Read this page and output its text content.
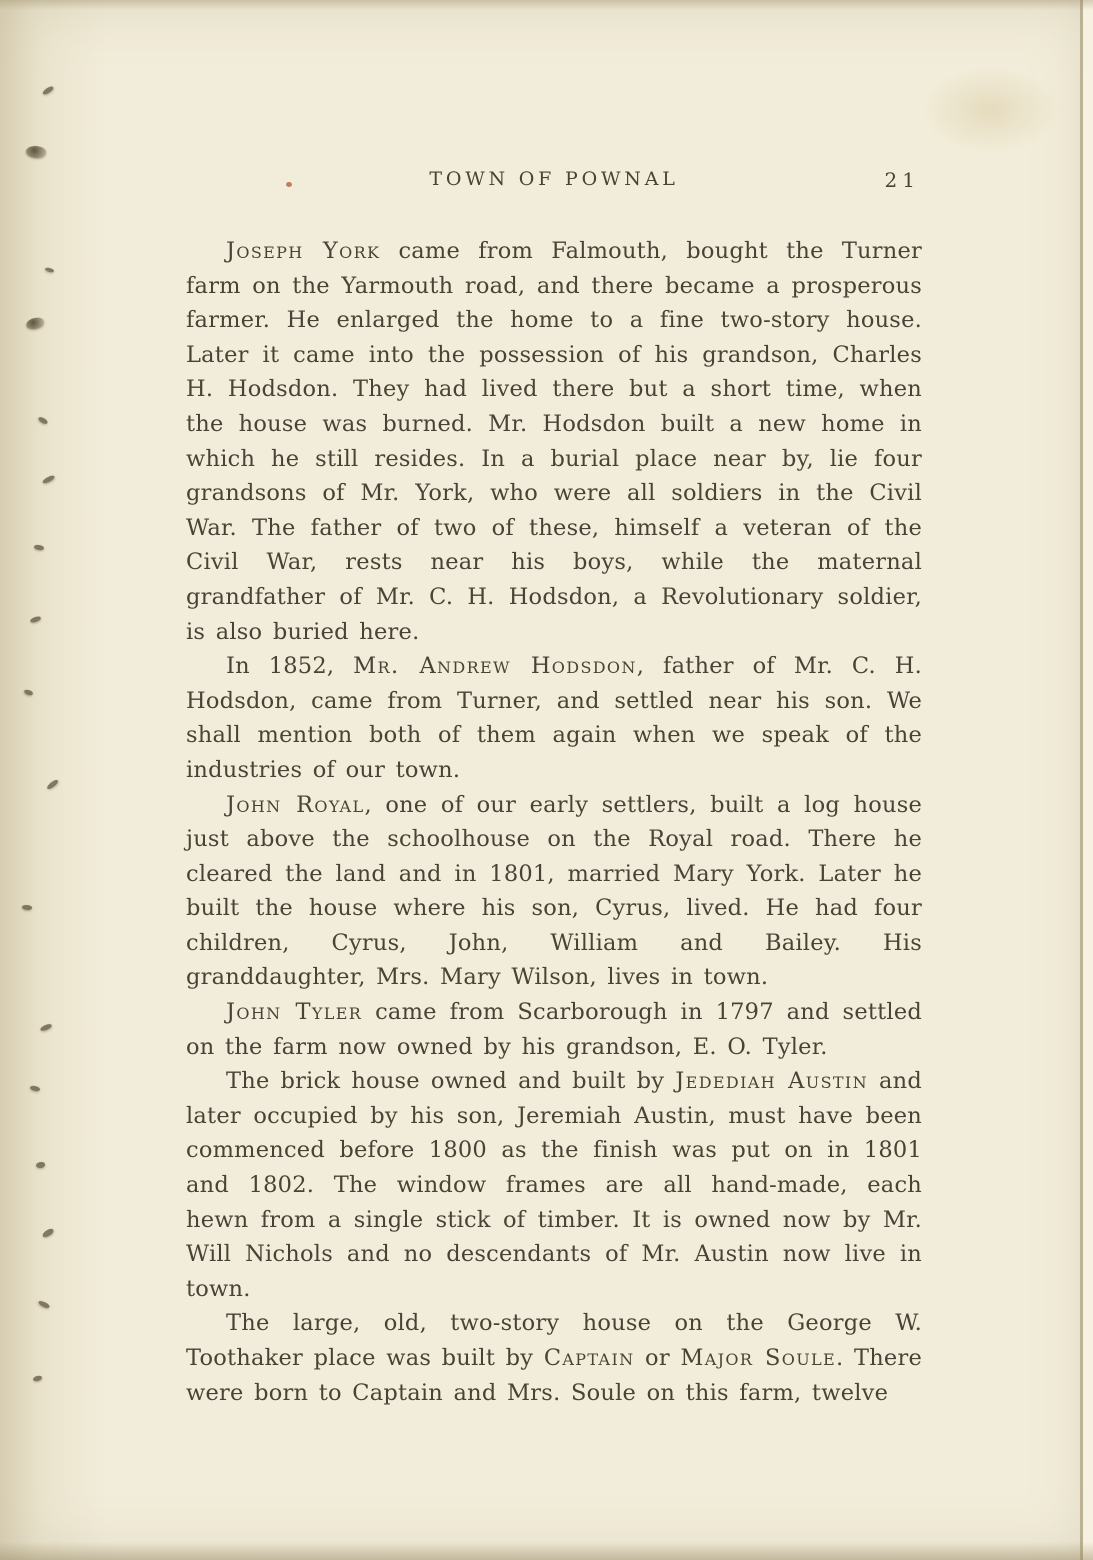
TOWN OF POWNAL	21

Joseph York came from Falmouth, bought the Turner farm on the Yarmouth road, and there became a prosperous farmer. He enlarged the home to a fine two-story house. Later it came into the possession of his grandson, Charles H. Hodsdon. They had lived there but a short time, when the house was burned. Mr. Hodsdon built a new home in which he still resides. In a burial place near by, lie four grandsons of Mr. York, who were all soldiers in the Civil War. The father of two of these, himself a veteran of the Civil War, rests near his boys, while the maternal grandfather of Mr. C. H. Hodsdon, a Revolutionary soldier, is also buried here.

In 1852, Mr. Andrew Hodsdon, father of Mr. C. H. Hodsdon, came from Turner, and settled near his son. We shall mention both of them again when we speak of the industries of our town.

John Royal, one of our early settlers, built a log house just above the schoolhouse on the Royal road. There he cleared the land and in 1801, married Mary York. Later he built the house where his son, Cyrus, lived. He had four children, Cyrus, John, William and Bailey. His granddaughter, Mrs. Mary Wilson, lives in town.

John Tyler came from Scarborough in 1797 and settled on the farm now owned by his grandson, E. O. Tyler.

The brick house owned and built by Jedediah Austin and later occupied by his son, Jeremiah Austin, must have been commenced before 1800 as the finish was put on in 1801 and 1802. The window frames are all hand-made, each hewn from a single stick of timber. It is owned now by Mr. Will Nichols and no descendants of Mr. Austin now live in town.

The large, old, two-story house on the George W. Toothaker place was built by Captain or Major Soule. There were born to Captain and Mrs. Soule on this farm, twelve
